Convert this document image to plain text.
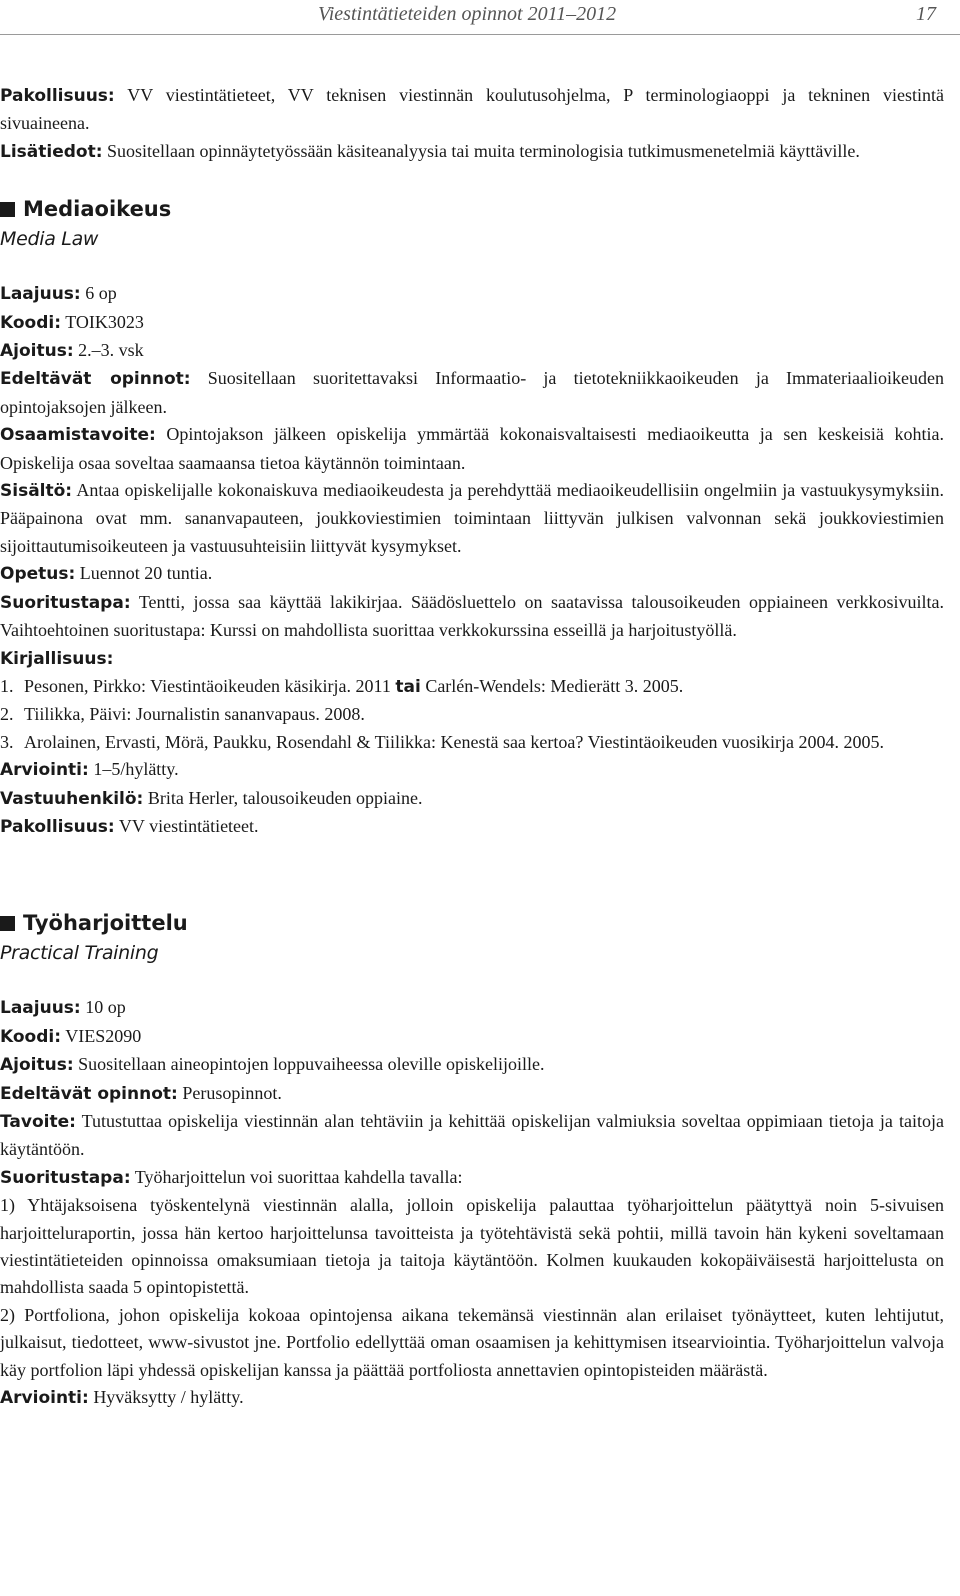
Viestintätieteiden opinnot 2011–2012	17

Pakollisuus: VV viestintätieteet, VV teknisen viestinnän koulutusohjelma, P terminologiaoppi ja tekninen viestintä sivuaineena.

Lisätiedot: Suositellaan opinnäytetyössään käsiteanalyysia tai muita terminologisia tutkimusmenetelmiä käyttäville.

Mediaoikeus

Media Law

Laajuus: 6 op

Koodi: TOIK3023

Ajoitus: 2.–3. vsk

Edeltävät opinnot: Suositellaan suoritettavaksi Informaatio- ja tietotekniikkaoikeuden ja Immateriaalioikeuden opintojaksojen jälkeen.

Osaamistavoite: Opintojakson jälkeen opiskelija ymmärtää kokonaisvaltaisesti mediaoikeutta ja sen keskeisiä kohtia. Opiskelija osaa soveltaa saamaansa tietoa käytännön toimintaan.

Sisältö: Antaa opiskelijalle kokonaiskuva mediaoikeudesta ja perehdyttää mediaoikeudellisiin ongelmiin ja vastuukysymyksiin. Pääpainona ovat mm. sananvapauteen, joukkoviestimien toimintaan liittyvän julkisen valvonnan sekä joukkoviestimien sijoittautumisoikeuteen ja vastuusuhteisiin liittyvät kysymykset.

Opetus: Luennot 20 tuntia.

Suoritustapa: Tentti, jossa saa käyttää lakikirjaa. Säädösluettelo on saatavissa talousoikeuden oppiaineen verkkosivuilta. Vaihtoehtoinen suoritustapa: Kurssi on mahdollista suorittaa verkkokurssina esseillä ja harjoitustyöllä.

Kirjallisuus:

1. Pesonen, Pirkko: Viestintäoikeuden käsikirja. 2011 tai Carlén-Wendels: Medierätt 3. 2005.
2. Tiilikka, Päivi: Journalistin sananvapaus. 2008.
3. Arolainen, Ervasti, Mörä, Paukku, Rosendahl & Tiilikka: Kenestä saa kertoa? Viestintäoikeuden vuosikirja 2004. 2005.

Arviointi: 1–5/hylätty.

Vastuuhenkilö: Brita Herler, talousoikeuden oppiaine.

Pakollisuus: VV viestintätieteet.

Työharjoittelu

Practical Training

Laajuus: 10 op

Koodi: VIES2090

Ajoitus: Suositellaan aineopintojen loppuvaiheessa oleville opiskelijoille.

Edeltävät opinnot: Perusopinnot.

Tavoite: Tutustuttaa opiskelija viestinnän alan tehtäviin ja kehittää opiskelijan valmiuksia soveltaa oppimiaan tietoja ja taitoja käytäntöön.

Suoritustapa: Työharjoittelun voi suorittaa kahdella tavalla:

1) Yhtäjaksoisena työskentelynä viestinnän alalla, jolloin opiskelija palauttaa työharjoittelun päätyttyä noin 5-sivuisen harjoitteluraportin, jossa hän kertoo harjoittelunsa tavoitteista ja työtehtävistä sekä pohtii, millä tavoin hän kykeni soveltamaan viestintätieteiden opinnoissa omaksumiaan tietoja ja taitoja käytäntöön. Kolmen kuukauden kokopäiväisestä harjoittelusta on mahdollista saada 5 opintopistettä.

2) Portfoliona, johon opiskelija kokoaa opintojensa aikana tekemänsä viestinnän alan erilaiset työnäytteet, kuten lehtijutut, julkaisut, tiedotteet, www-sivustot jne. Portfolio edellyttää oman osaamisen ja kehittymisen itsearviointia. Työharjoittelun valvoja käy portfolion läpi yhdessä opiskelijan kanssa ja päättää portfoliosta annettavien opintopisteiden määrästä.

Arviointi: Hyväksytty / hylätty.
